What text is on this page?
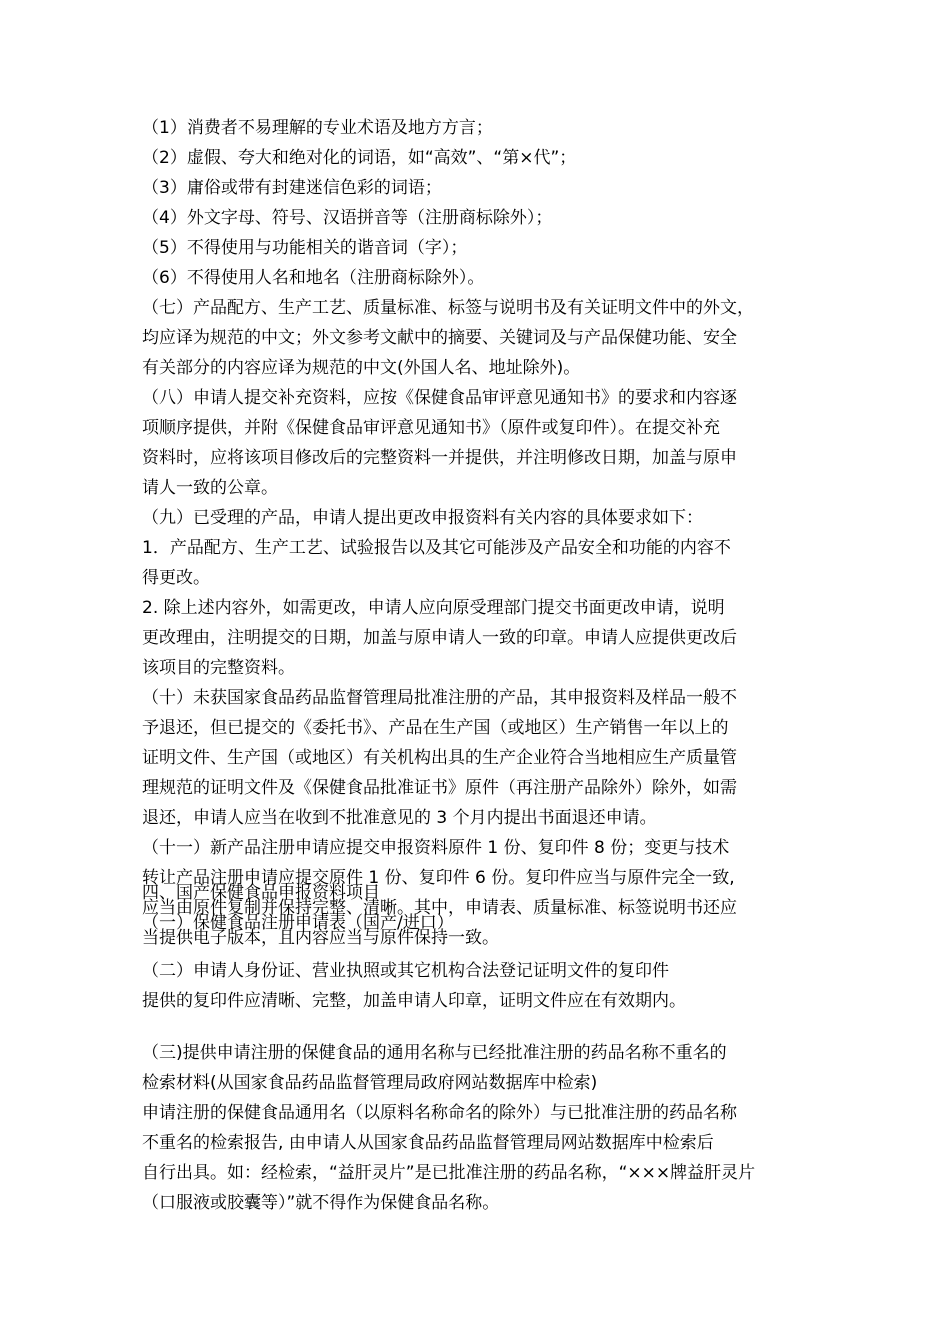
（1）消费者不易理解的专业术语及地方方言；
（2）虚假、夸大和绝对化的词语，如“高效”、“第×代”；
（3）庸俗或带有封建迷信色彩的词语；
（4）外文字母、符号、汉语拼音等（注册商标除外）；
（5）不得使用与功能相关的谐音词（字）；
（6）不得使用人名和地名（注册商标除外）。
（七）产品配方、生产工艺、质量标准、标签与说明书及有关证明文件中的外文，
均应译为规范的中文；外文参考文献中的摘要、关键词及与产品保健功能、安全
有关部分的内容应译为规范的中文(外国人名、地址除外)。
（八）申请人提交补充资料，应按《保健食品审评意见通知书》的要求和内容逐
项顺序提供，并附《保健食品审评意见通知书》（原件或复印件）。在提交补充
资料时，应将该项目修改后的完整资料一并提供，并注明修改日期，加盖与原申
请人一致的公章。
（九）已受理的产品，申请人提出更改申报资料有关内容的具体要求如下：
1．产品配方、生产工艺、试验报告以及其它可能涉及产品安全和功能的内容不
得更改。
2. 除上述内容外，如需更改，申请人应向原受理部门提交书面更改申请，说明
更改理由，注明提交的日期，加盖与原申请人一致的印章。申请人应提供更改后
该项目的完整资料。
（十）未获国家食品药品监督管理局批准注册的产品，其申报资料及样品一般不
予退还，但已提交的《委托书》、产品在生产国（或地区）生产销售一年以上的
证明文件、生产国（或地区）有关机构出具的生产企业符合当地相应生产质量管
理规范的证明文件及《保健食品批准证书》原件（再注册产品除外）除外，如需
退还，申请人应当在收到不批准意见的 3 个月内提出书面退还申请。
（十一）新产品注册申请应提交申报资料原件 1 份、复印件 8 份；变更与技术
转让产品注册申请应提交原件 1 份、复印件 6 份。复印件应当与原件完全一致,
应当由原件复制并保持完整、清晰。其中，申请表、质量标准、标签说明书还应
当提供电子版本，且内容应当与原件保持一致。
四、国产保健食品申报资料项目
（一）保健食品注册申请表（国产/进口）
（二）申请人身份证、营业执照或其它机构合法登记证明文件的复印件
提供的复印件应清晰、完整，加盖申请人印章，证明文件应在有效期内。
（三)提供申请注册的保健食品的通用名称与已经批准注册的药品名称不重名的
检索材料(从国家食品药品监督管理局政府网站数据库中检索)
申请注册的保健食品通用名（以原料名称命名的除外）与已批准注册的药品名称
不重名的检索报告, 由申请人从国家食品药品监督管理局网站数据库中检索后
自行出具。如：经检索，“益肝灵片”是已批准注册的药品名称，“×××牌益肝灵片
（口服液或胶囊等）”就不得作为保健食品名称。
